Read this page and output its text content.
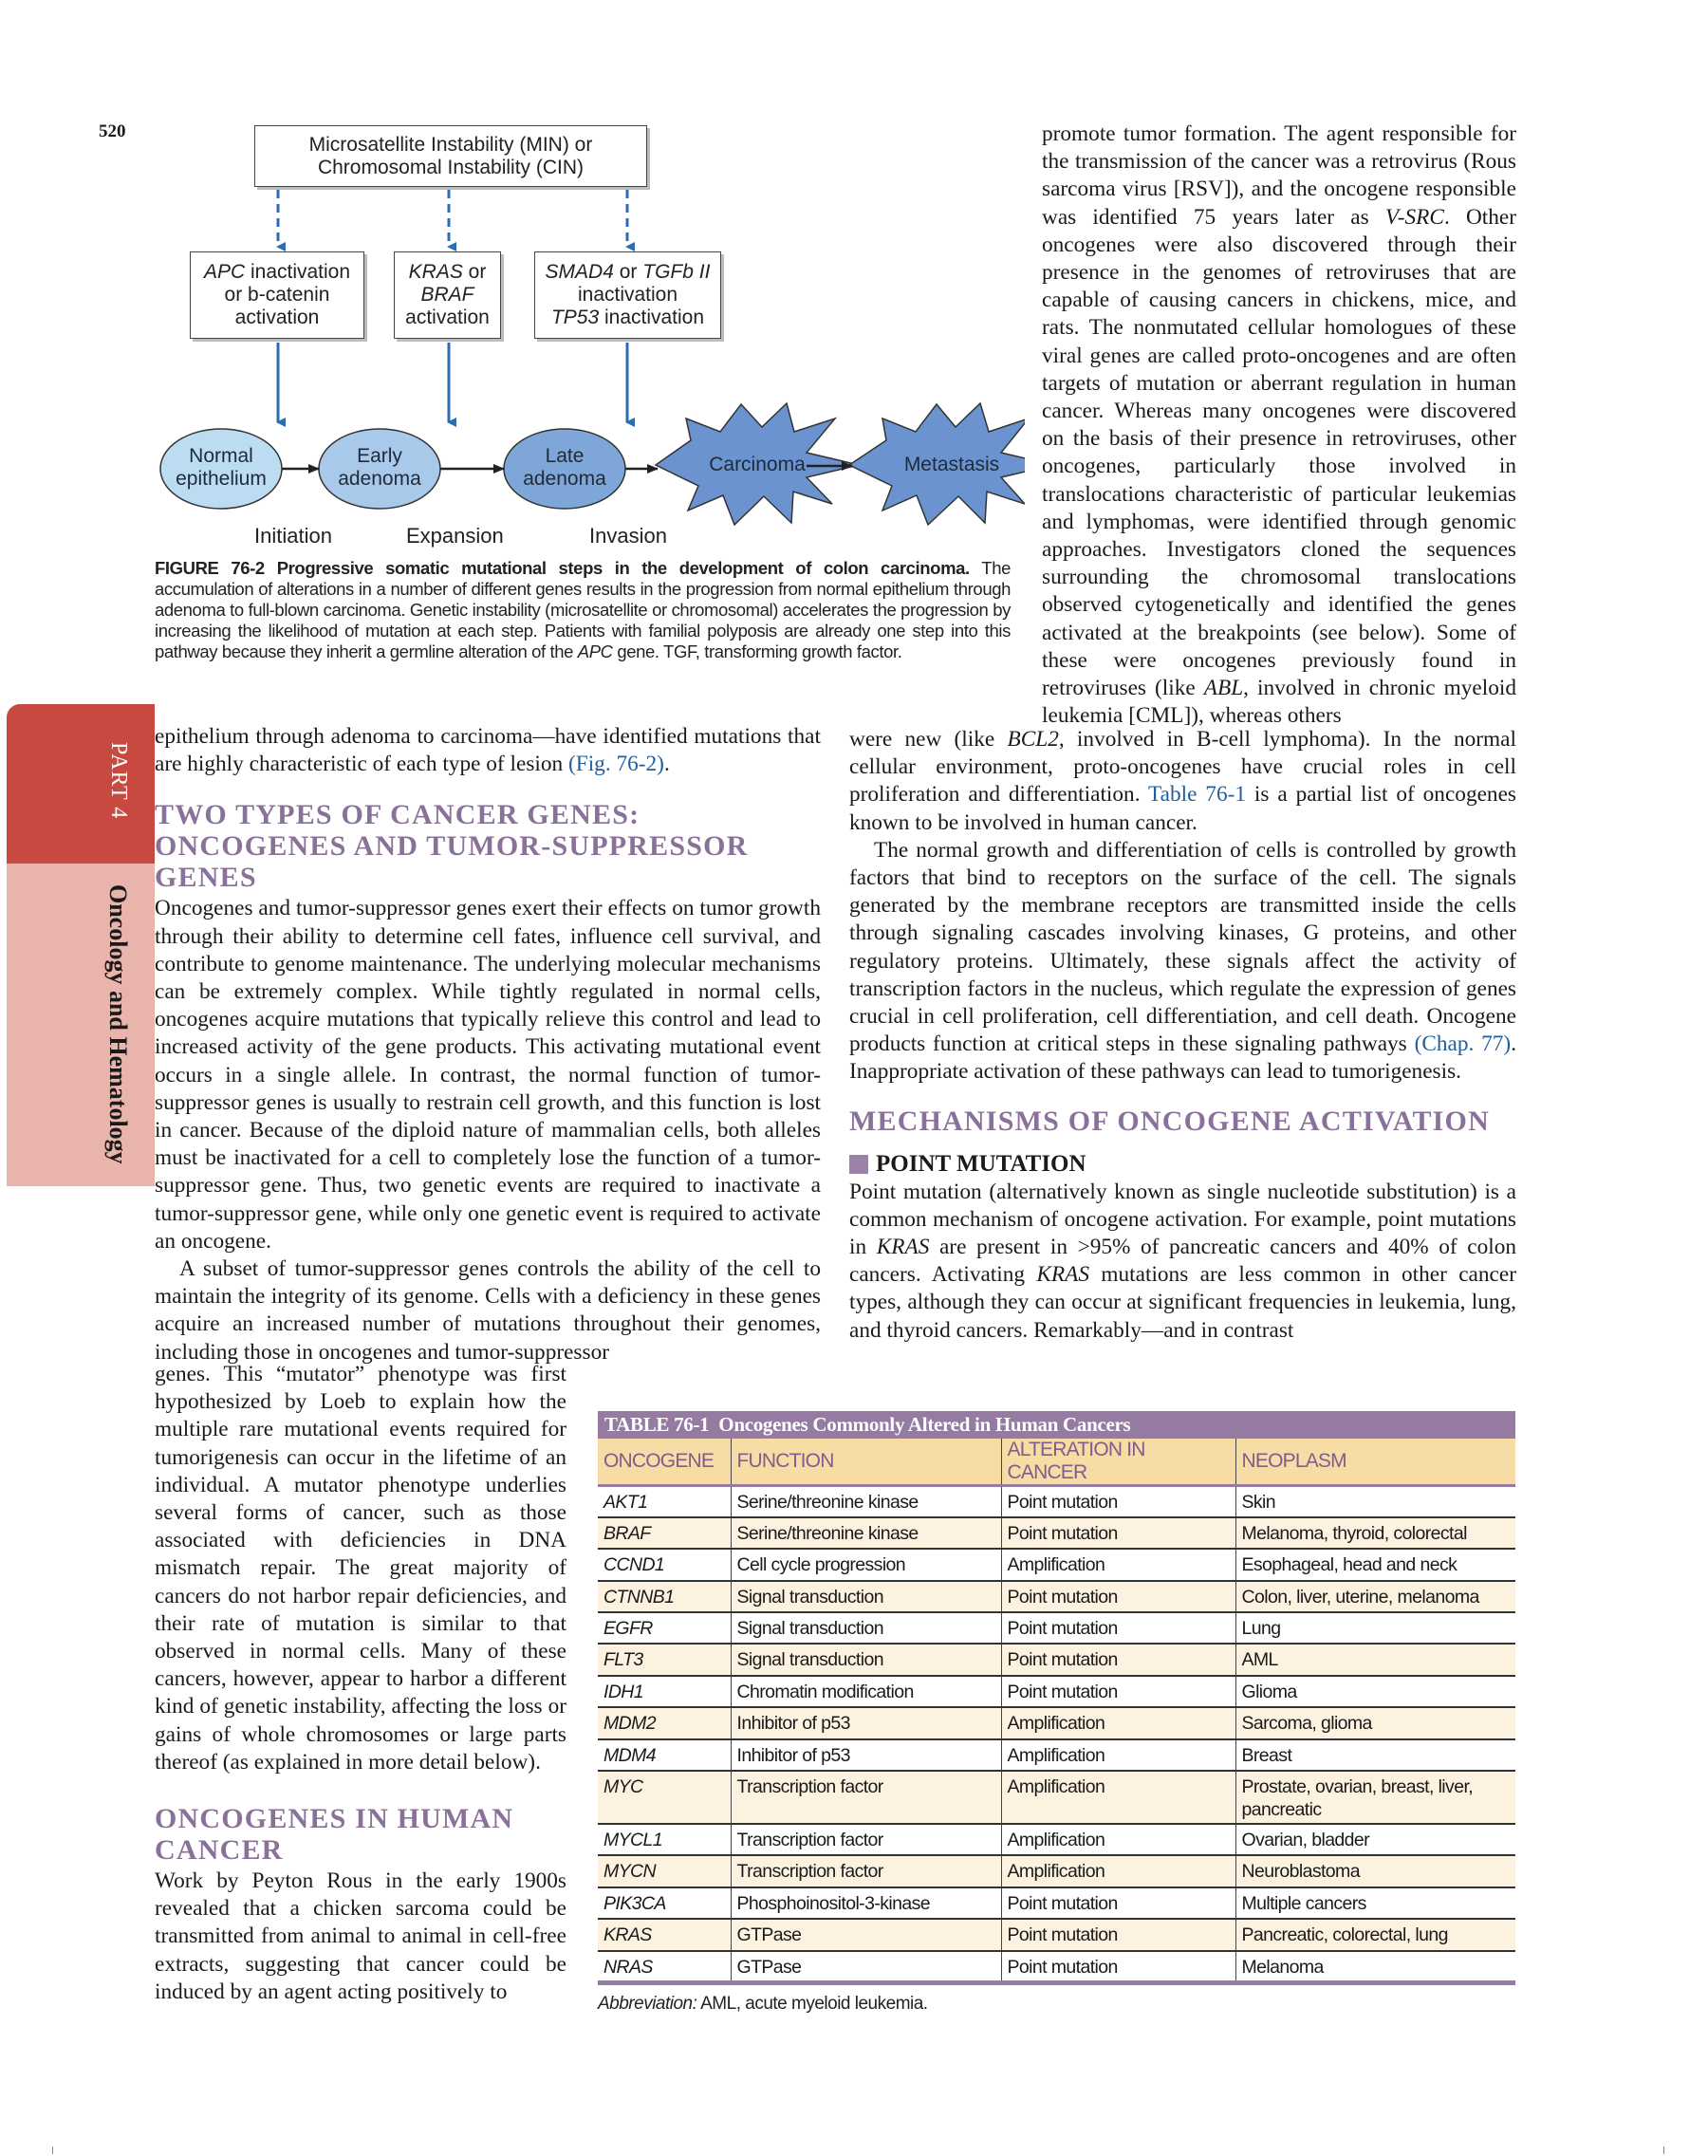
520
Microsatellite Instability (MIN) or
Chromosomal Instability (CIN)
APC inactivation
or b-catenin
activation
KRAS or
BRAF
activation
SMAD4 or TGFb II
inactivation
TP53 inactivation
Normal
epithelium
Early
adenoma
Late
adenoma
Carcinoma	Metastasis
Initiation	Expansion	Invasion
FIGURE 76-2 Progressive somatic mutational steps in the development of colon carcinoma. The accumulation of alterations in a number of different genes results in the progression from normal epithelium through adenoma to full-blown carcinoma. Genetic instability (microsatellite or chromosomal) accelerates the progression by increasing the likelihood of mutation at each step. Patients with familial polyposis are already one step into this pathway because they inherit a germline alteration of the APC gene. TGF, transforming growth factor.
PART 4
Oncology and Hematology

epithelium through adenoma to carcinoma—have identified mutations that are highly characteristic of each type of lesion (Fig. 76-2).

TWO TYPES OF CANCER GENES: ONCOGENES AND TUMOR-SUPPRESSOR GENES

Oncogenes and tumor-suppressor genes exert their effects on tumor growth through their ability to determine cell fates, influence cell survival, and contribute to genome maintenance. The underlying molecular mechanisms can be extremely complex. While tightly regulated in normal cells, oncogenes acquire mutations that typically relieve this control and lead to increased activity of the gene products. This activating mutational event occurs in a single allele. In contrast, the normal function of tumor-suppressor genes is usually to restrain cell growth, and this function is lost in cancer. Because of the diploid nature of mammalian cells, both alleles must be inactivated for a cell to completely lose the function of a tumor-suppressor gene. Thus, two genetic events are required to inactivate a tumor-suppressor gene, while only one genetic event is required to activate an oncogene.

A subset of tumor-suppressor genes controls the ability of the cell to maintain the integrity of its genome. Cells with a deficiency in these genes acquire an increased number of mutations throughout their genomes, including those in oncogenes and tumor-suppressor

genes. This “mutator” phenotype was first hypothesized by Loeb to explain how the multiple rare mutational events required for tumorigenesis can occur in the lifetime of an individual. A mutator phenotype underlies several forms of cancer, such as those associated with deficiencies in DNA mismatch repair. The great majority of cancers do not harbor repair deficiencies, and their rate of mutation is similar to that observed in normal cells. Many of these cancers, however, appear to harbor a different kind of genetic instability, affecting the loss or gains of whole chromosomes or large parts thereof (as explained in more detail below).

ONCOGENES IN HUMAN CANCER

Work by Peyton Rous in the early 1900s revealed that a chicken sarcoma could be transmitted from animal to animal in cell-free extracts, suggesting that cancer could be induced by an agent acting positively to

promote tumor formation. The agent responsible for the transmission of the cancer was a retrovirus (Rous sarcoma virus [RSV]), and the oncogene responsible was identified 75 years later as V-SRC. Other oncogenes were also discovered through their presence in the genomes of retroviruses that are capable of causing cancers in chickens, mice, and rats. The nonmutated cellular homologues of these viral genes are called proto-oncogenes and are often targets of mutation or aberrant regulation in human cancer. Whereas many oncogenes were discovered on the basis of their presence in retroviruses, other oncogenes, particularly those involved in translocations characteristic of particular leukemias and lymphomas, were identified through genomic approaches. Investigators cloned the sequences surrounding the chromosomal translocations observed cytogenetically and identified the genes activated at the breakpoints (see below). Some of these were oncogenes previously found in retroviruses (like ABL, involved in chronic myeloid leukemia [CML]), whereas others

were new (like BCL2, involved in B-cell lymphoma). In the normal cellular environment, proto-oncogenes have crucial roles in cell proliferation and differentiation. Table 76-1 is a partial list of oncogenes known to be involved in human cancer.

The normal growth and differentiation of cells is controlled by growth factors that bind to receptors on the surface of the cell. The signals generated by the membrane receptors are transmitted inside the cells through signaling cascades involving kinases, G proteins, and other regulatory proteins. Ultimately, these signals affect the activity of transcription factors in the nucleus, which regulate the expression of genes crucial in cell proliferation, cell differentiation, and cell death. Oncogene products function at critical steps in these signaling pathways (Chap. 77). Inappropriate activation of these pathways can lead to tumorigenesis.

MECHANISMS OF ONCOGENE ACTIVATION
POINT MUTATION

Point mutation (alternatively known as single nucleotide substitution) is a common mechanism of oncogene activation. For example, point mutations in KRAS are present in >95% of pancreatic cancers and 40% of colon cancers. Activating KRAS mutations are less common in other cancer types, although they can occur at significant frequencies in leukemia, lung, and thyroid cancers. Remarkably—and in contrast

TABLE 76-1 Oncogenes Commonly Altered in Human Cancers
ONCOGENE	FUNCTION	ALTERATION IN CANCER	NEOPLASM
AKT1	Serine/threonine kinase	Point mutation	Skin
BRAF	Serine/threonine kinase	Point mutation	Melanoma, thyroid, colorectal
CCND1	Cell cycle progression	Amplification	Esophageal, head and neck
CTNNB1	Signal transduction	Point mutation	Colon, liver, uterine, melanoma
EGFR	Signal transduction	Point mutation	Lung
FLT3	Signal transduction	Point mutation	AML
IDH1	Chromatin modification	Point mutation	Glioma
MDM2	Inhibitor of p53	Amplification	Sarcoma, glioma
MDM4	Inhibitor of p53	Amplification	Breast
MYC	Transcription factor	Amplification	Prostate, ovarian, breast, liver, pancreatic
MYCL1	Transcription factor	Amplification	Ovarian, bladder
MYCN	Transcription factor	Amplification	Neuroblastoma
PIK3CA	Phosphoinositol-3-kinase	Point mutation	Multiple cancers
KRAS	GTPase	Point mutation	Pancreatic, colorectal, lung
NRAS	GTPase	Point mutation	Melanoma
Abbreviation: AML, acute myeloid leukemia.
